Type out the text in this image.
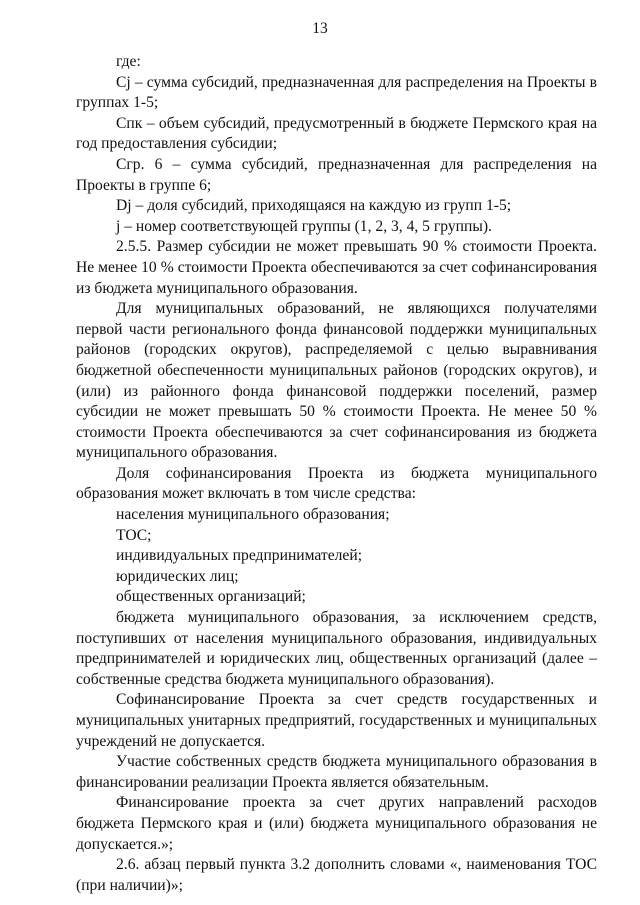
13

где:

Cj – сумма субсидий, предназначенная для распределения на Проекты в группах 1-5;

Спк – объем субсидий, предусмотренный в бюджете Пермского края на год предоставления субсидии;

Сгр. 6 – сумма субсидий, предназначенная для распределения на Проекты в группе 6;

Dj – доля субсидий, приходящаяся на каждую из групп 1-5;

j – номер соответствующей группы (1, 2, 3, 4, 5 группы).

2.5.5. Размер субсидии не может превышать 90 % стоимости Проекта. Не менее 10 % стоимости Проекта обеспечиваются за счет софинансирования из бюджета муниципального образования.

Для муниципальных образований, не являющихся получателями первой части регионального фонда финансовой поддержки муниципальных районов (городских округов), распределяемой с целью выравнивания бюджетной обеспеченности муниципальных районов (городских округов), и (или) из районного фонда финансовой поддержки поселений, размер субсидии не может превышать 50 % стоимости Проекта. Не менее 50 % стоимости Проекта обеспечиваются за счет софинансирования из бюджета муниципального образования.

Доля софинансирования Проекта из бюджета муниципального образования может включать в том числе средства:

населения муниципального образования;

ТОС;

индивидуальных предпринимателей;

юридических лиц;

общественных организаций;

бюджета муниципального образования, за исключением средств, поступивших от населения муниципального образования, индивидуальных предпринимателей и юридических лиц, общественных организаций (далее – собственные средства бюджета муниципального образования).

Софинансирование Проекта за счет средств государственных и муниципальных унитарных предприятий, государственных и муниципальных учреждений не допускается.

Участие собственных средств бюджета муниципального образования в финансировании реализации Проекта является обязательным.

Финансирование проекта за счет других направлений расходов бюджета Пермского края и (или) бюджета муниципального образования не допускается.»;

2.6. абзац первый пункта 3.2 дополнить словами «, наименования ТОС (при наличии)»;
